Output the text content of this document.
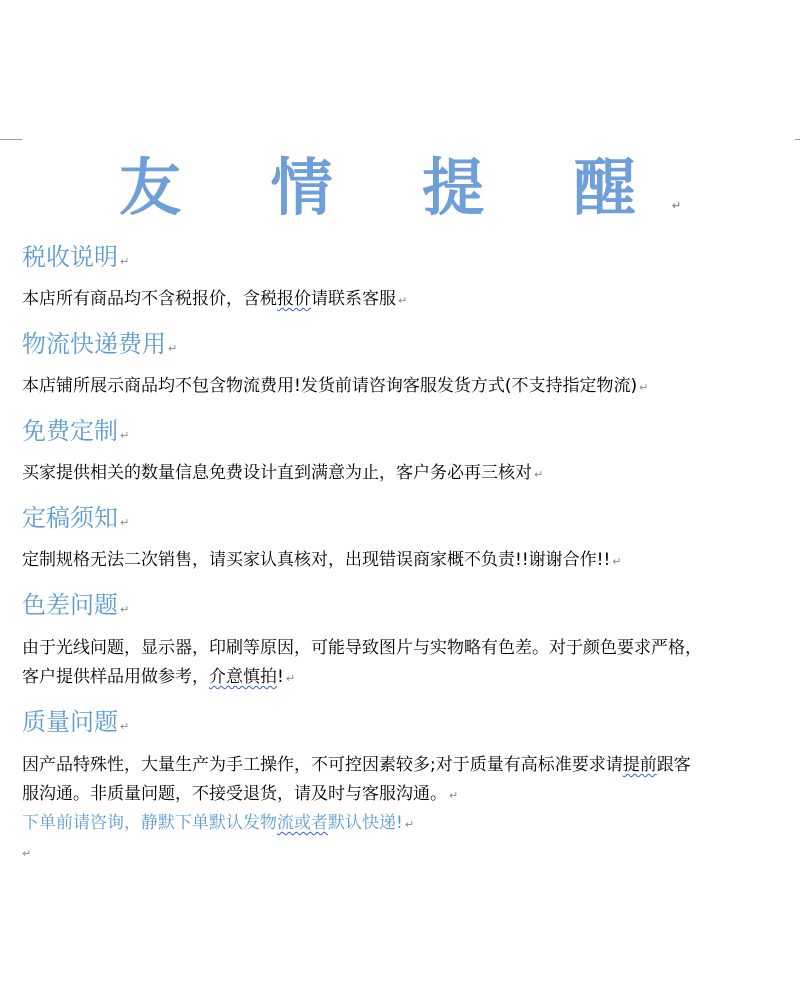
友 情 提 醒 ↵
税收说明 ↵
本店所有商品均不含税报价，含税报价请联系客服 ↵
物流快递费用 ↵
本店铺所展示商品均不包含物流费用!发货前请咨询客服发货方式(不支持指定物流) ↵
免费定制 ↵
买家提供相关的数量信息免费设计直到满意为止，客户务必再三核对 ↵
定稿须知 ↵
定制规格无法二次销售，请买家认真核对，出现错误商家概不负责!!谢谢合作!! ↵
色差问题 ↵
由于光线问题，显示器，印刷等原因，可能导致图片与实物略有色差。对于颜色要求严格，
客户提供样品用做参考，介意慎拍! ↵
质量问题 ↵
因产品特殊性，大量生产为手工操作，不可控因素较多;对于质量有高标准要求请提前跟客
服沟通。非质量问题，不接受退货，请及时与客服沟通。 ↵
下单前请咨询，静默下单默认发物流或者默认快递! ↵
↵
